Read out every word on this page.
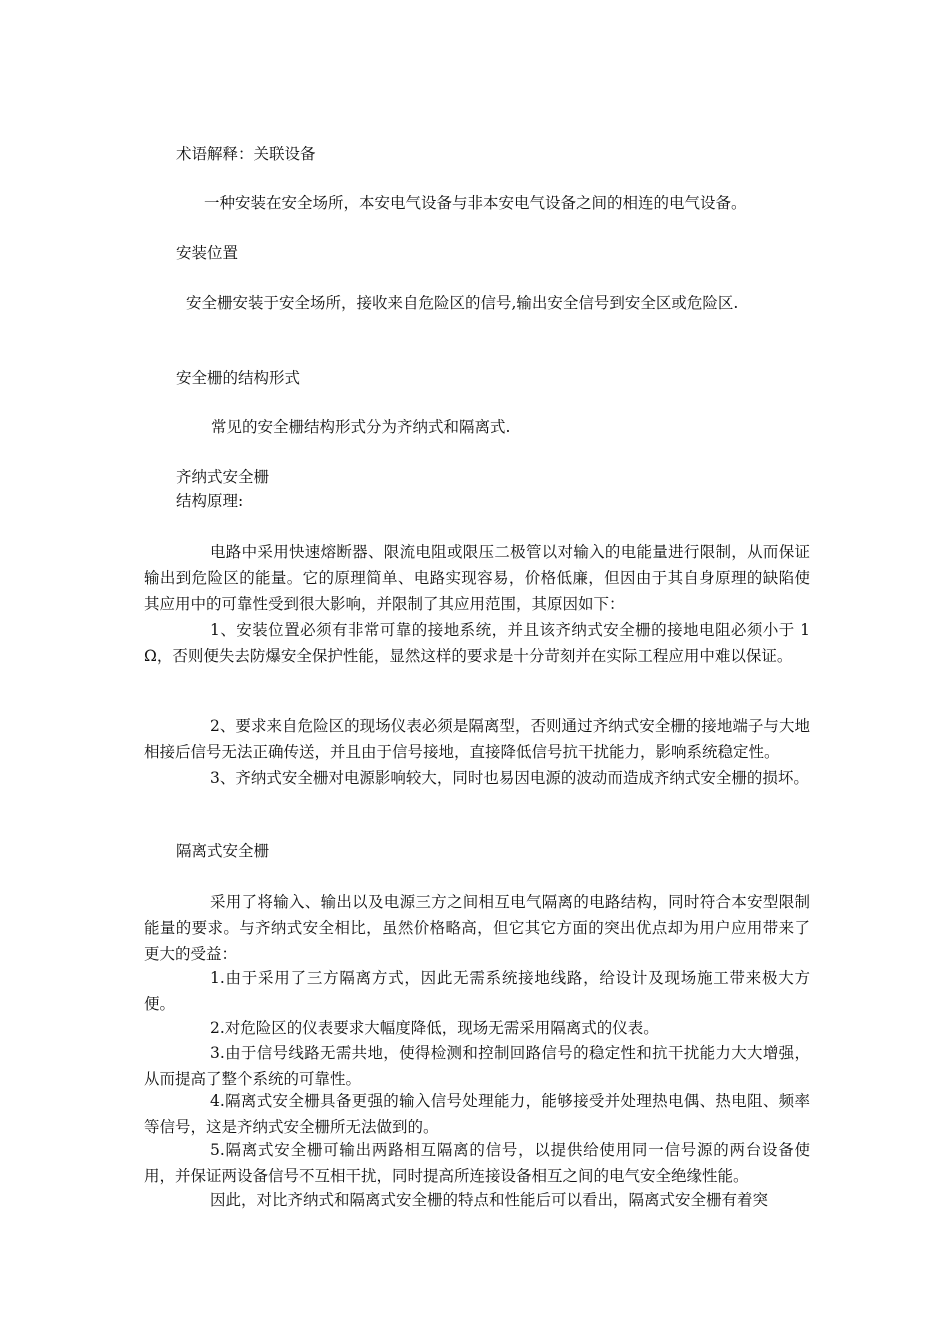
术语解释：关联设备

一种安装在安全场所，本安电气设备与非本安电气设备之间的相连的电气设备。

安装位置

安全栅安装于安全场所，接收来自危险区的信号,输出安全信号到安全区或危险区.

安全栅的结构形式

常见的安全栅结构形式分为齐纳式和隔离式.

齐纳式安全栅

结构原理:

电路中采用快速熔断器、限流电阻或限压二极管以对输入的电能量进行限制，从而保证输出到危险区的能量。它的原理简单、电路实现容易，价格低廉，但因由于其自身原理的缺陷使其应用中的可靠性受到很大影响，并限制了其应用范围，其原因如下：

1、安装位置必须有非常可靠的接地系统，并且该齐纳式安全栅的接地电阻必须小于 1 Ω，否则便失去防爆安全保护性能，显然这样的要求是十分苛刻并在实际工程应用中难以保证。

2、要求来自危险区的现场仪表必须是隔离型，否则通过齐纳式安全栅的接地端子与大地相接后信号无法正确传送，并且由于信号接地，直接降低信号抗干扰能力，影响系统稳定性。

3、齐纳式安全栅对电源影响较大，同时也易因电源的波动而造成齐纳式安全栅的损坏。

隔离式安全栅

采用了将输入、输出以及电源三方之间相互电气隔离的电路结构，同时符合本安型限制能量的要求。与齐纳式安全相比，虽然价格略高，但它其它方面的突出优点却为用户应用带来了更大的受益：

1.由于采用了三方隔离方式，因此无需系统接地线路，给设计及现场施工带来极大方便。

2.对危险区的仪表要求大幅度降低，现场无需采用隔离式的仪表。

3.由于信号线路无需共地，使得检测和控制回路信号的稳定性和抗干扰能力大大增强，从而提高了整个系统的可靠性。

4.隔离式安全栅具备更强的输入信号处理能力，能够接受并处理热电偶、热电阻、频率等信号，这是齐纳式安全栅所无法做到的。

5.隔离式安全栅可输出两路相互隔离的信号，以提供给使用同一信号源的两台设备使用，并保证两设备信号不互相干扰，同时提高所连接设备相互之间的电气安全绝缘性能。

因此，对比齐纳式和隔离式安全栅的特点和性能后可以看出，隔离式安全栅有着突
